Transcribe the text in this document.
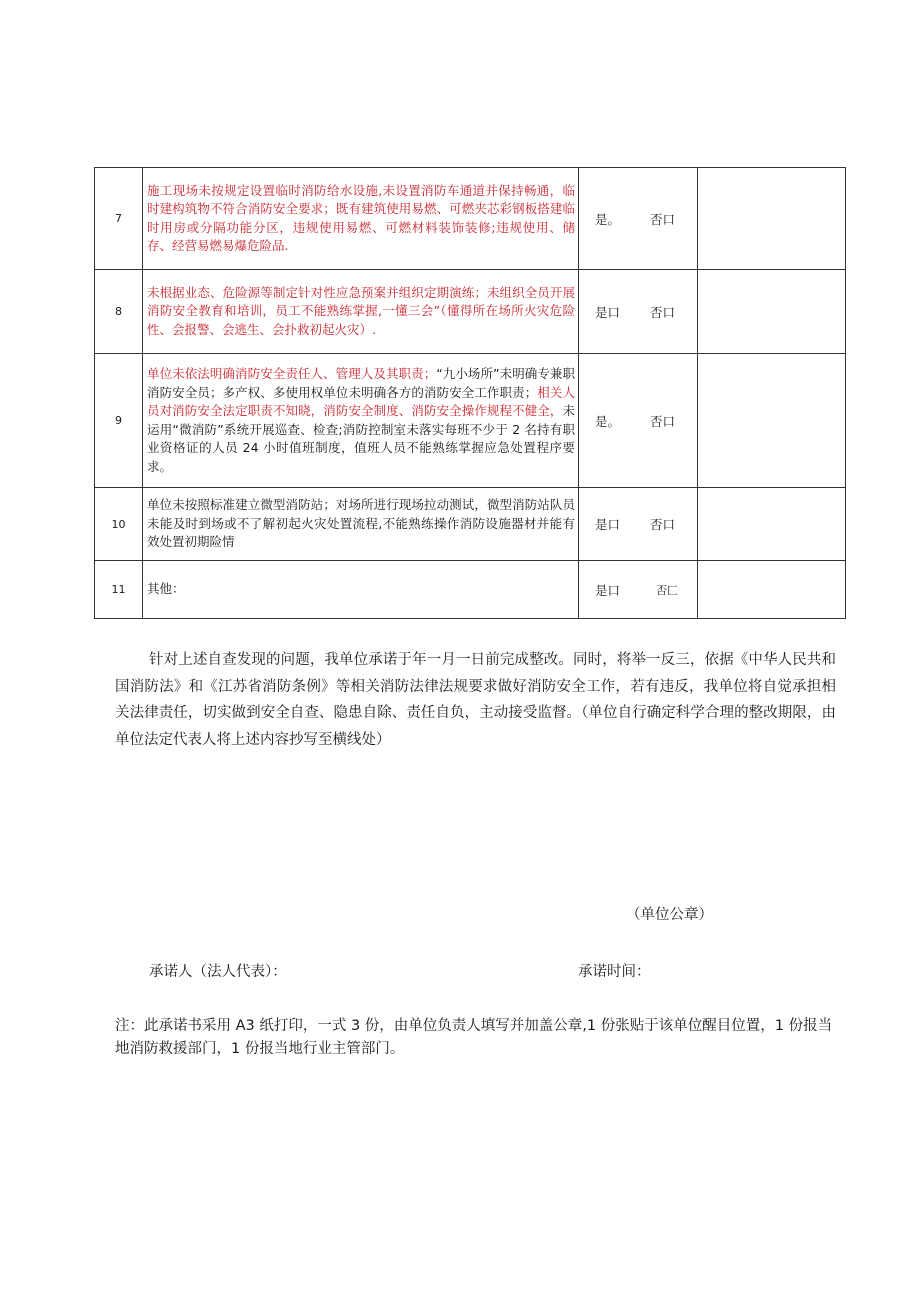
7	施工现场未按规定设置临时消防给水设施,未设置消防车通道并保持畅通，临时建构筑物不符合消防安全要求；既有建筑使用易燃、可燃夹芯彩钢板搭建临时用房或分隔功能分区，违规使用易燃、可燃材料装饰装修;违规使用、储存、经营易燃易爆危险品.	是。 否口	

8	未根据业态、危险源等制定针对性应急预案并组织定期演练；未组织全员开展消防安全教育和培训，员工不能熟练掌握,一懂三会”（懂得所在场所火灾危险性、会报警、会逃生、会扑救初起火灾）.	是口 否口	

9	单位未依法明确消防安全责任人、管理人及其职责；“九小场所”未明确专兼职消防安全员；多产权、多使用权单位未明确各方的消防安全工作职责；相关人员对消防安全法定职责不知晓，消防安全制度、消防安全操作规程不健全，未运用“微消防”系统开展巡查、检查;消防控制室未落实每班不少于 2 名持有职业资格证的人员 24 小时值班制度，值班人员不能熟练掌握应急处置程序要求。	是。 否口	

10	单位未按照标准建立微型消防站；对场所进行现场拉动测试，微型消防站队员未能及时到场或不了解初起火灾处置流程,不能熟练操作消防设施器材并能有效处置初期险情	是口 否口	

11	其他：	是口 否匚	

针对上述自查发现的问题，我单位承诺于年一月一日前完成整改。同时，将举一反三，依据《中华人民共和国消防法》和《江苏省消防条例》等相关消防法律法规要求做好消防安全工作，若有违反，我单位将自觉承担相关法律责任，切实做到安全自查、隐患自除、责任自负，主动接受监督。（单位自行确定科学合理的整改期限，由单位法定代表人将上述内容抄写至横线处）
（单位公章）
承诺人（法人代表）：	承诺时间：
注：此承诺书采用 A3 纸打印，一式 3 份，由单位负责人填写并加盖公章,1 份张贴于该单位醒目位置，1 份报当地消防救援部门，1 份报当地行业主管部门。
